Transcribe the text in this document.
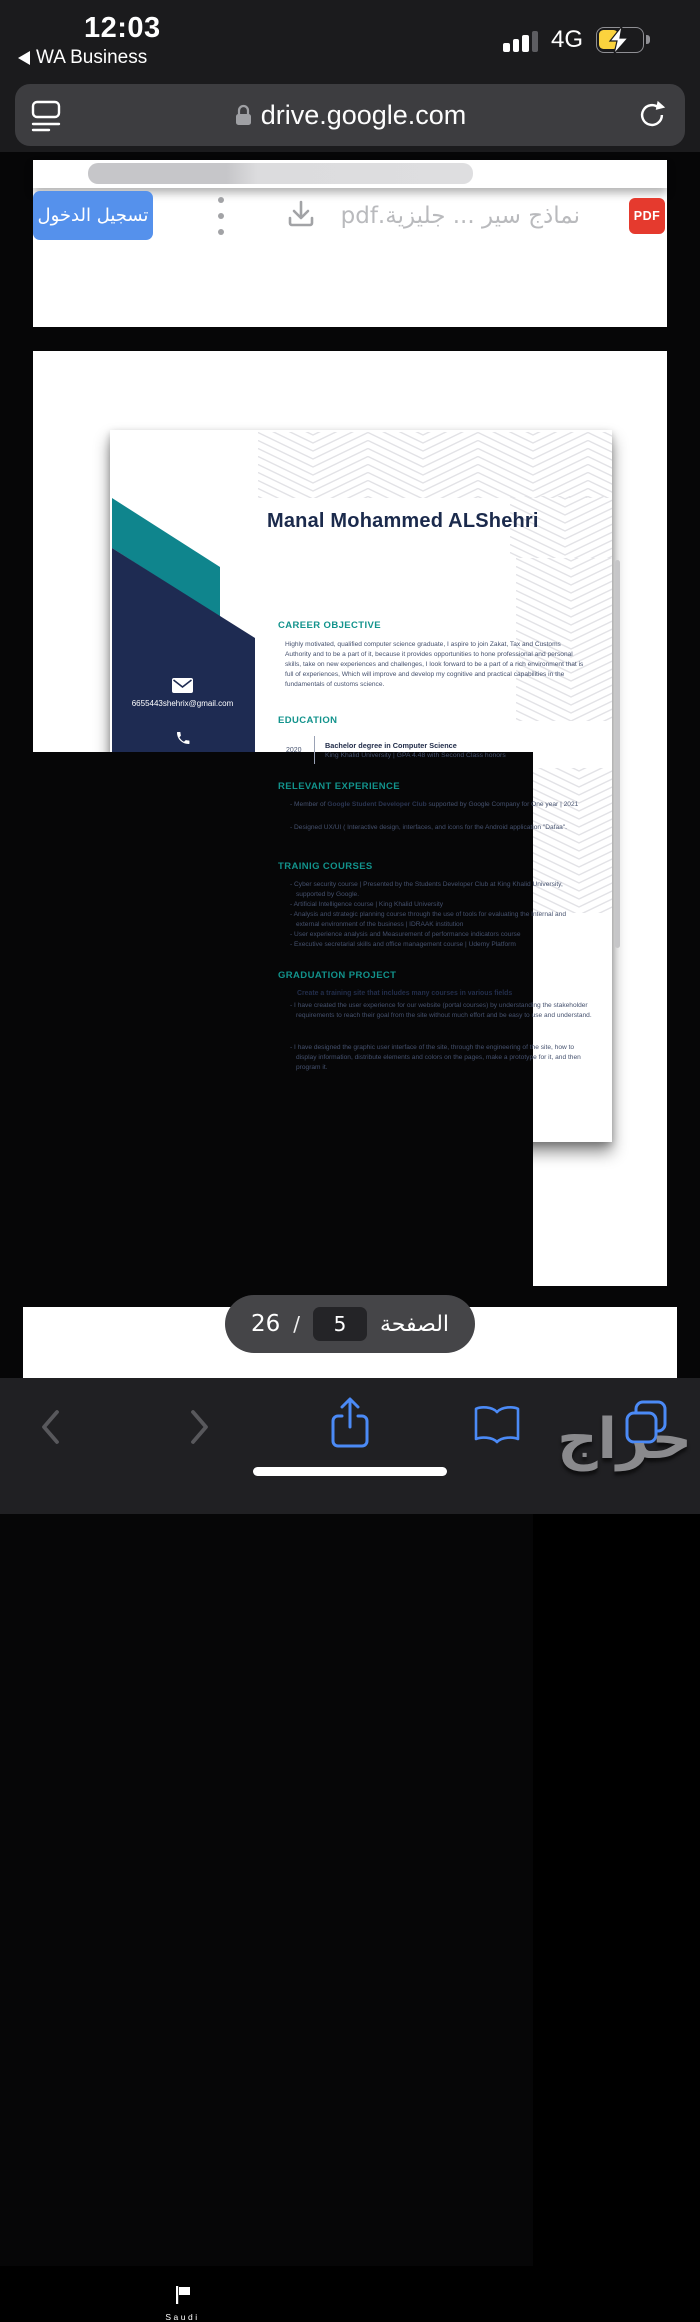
12:03
WA Business
4G
drive.google.com
تسجيل الدخول	نماذج سير ... جليزية.pdf	PDF
Manal Mohammed ALShehri
6655443shehrix@gmail.com
Saudi
CAREER OBJECTIVE
Highly motivated, qualified computer science graduate, I aspire to join Zakat, Tax and Customs Authority and to be a part of it, because it provides opportunities to hone professional and personal skills, take on new experiences and challenges, I look forward to be a part of a rich environment that is full of experiences, Which will improve and develop my cognitive and practical capabilities in the fundamentals of customs science.
EDUCATION
2020
Bachelor degree in Computer Science
King Khalid University | GPA 4.48 with Second Class honors
RELEVANT EXPERIENCE
- Member of Google Student Developer Club supported by Google Company for One year | 2021
- Designed UX/UI ( Interactive design, interfaces, and icons for the Android application "Dafaa".
TRAINIG COURSES
- Cyber security course | Presented by the Students Developer Club at King Khalid University, supported by Google.
- Artificial Intelligence course | King Khalid University
- Analysis and strategic planning course through the use of tools for evaluating the Internal and external environment of the business | IDRAAK institution
- User experience analysis and Measurement of performance indicators course
- Executive secretarial skills and office management course | Udemy Platform
GRADUATION PROJECT
Create a training site that includes many courses in various fields
- I have created the user experience for our website (portal courses) by understanding the stakeholder requirements to reach their goal from the site without much effort and be easy to use and understand.
- I have designed the graphic user interface of the site, through the engineering of the site, how to display information, distribute elements and colors on the pages, make a prototype for it, and then program it.
الصفحة
5
/
26
حراج
